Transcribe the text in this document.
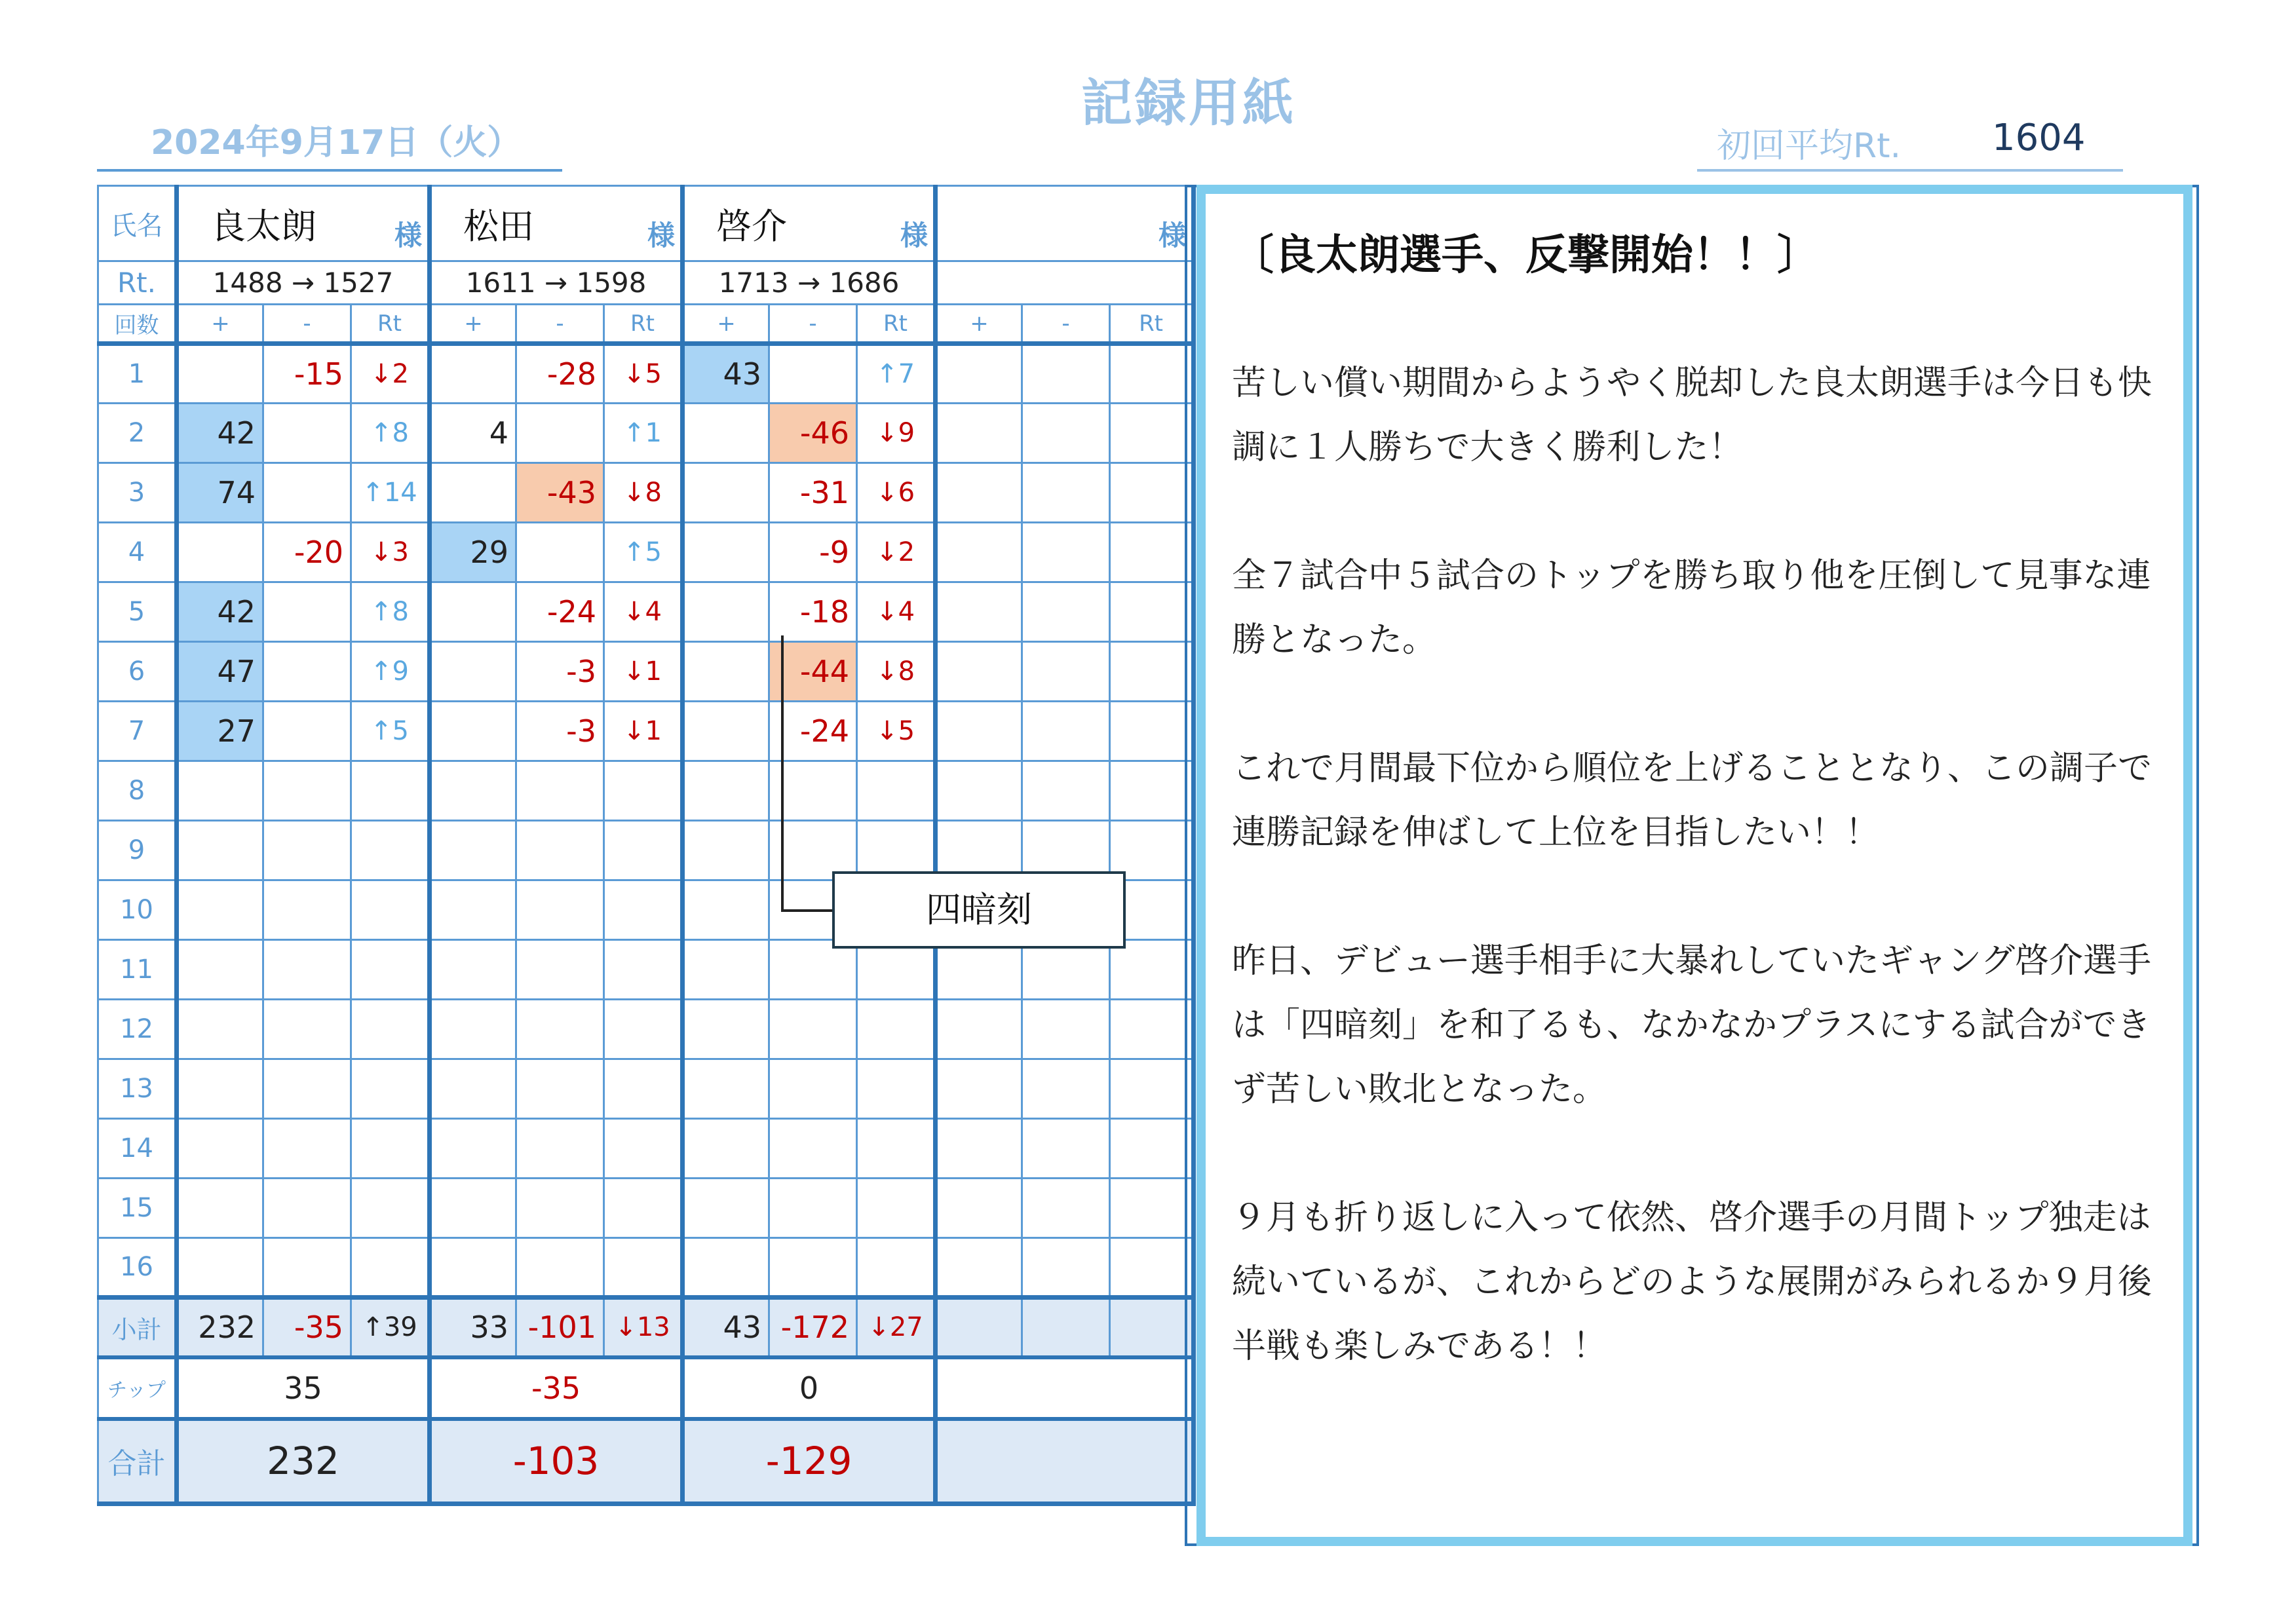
記録用紙
2024年9月17日（火）	初回平均Rt. 1604
氏名	良太朗 様			松田 様			啓介 様			様		

Rt.	1488 → 1527			1611 → 1598			1713 → 1686					
回数	+	-	Rt	+	-	Rt	+	-	Rt	+	-	Rt
1		-15	↓2		-28	↓5	43		↑7			
2	42		↑8	4		↑1		-46	↓9			
3	74		↑14		-43	↓8		-31	↓6			
4		-20	↓3	29		↑5		-9	↓2			
5	42		↑8		-24	↓4		-18	↓4			
6	47		↑9		-3	↓1		-44	↓8			
7	27		↑5		-3	↓1		-24	↓5			
8												
9												
10												
11												
12												
13												
14												
15												
16												
小計	232	-35	↑39	33	-101	↓13	43	-172	↓27			
チップ	35			-35			0					
合計	232			-103			-129					
四暗刻
〔良太朗選手、反撃開始！！〕

苦しい償い期間からようやく脱却した良太朗選手は今日も快調に１人勝ちで大きく勝利した！

全７試合中５試合のトップを勝ち取り他を圧倒して見事な連勝となった。

これで月間最下位から順位を上げることとなり、この調子で連勝記録を伸ばして上位を目指したい！！

昨日、デビュー選手相手に大暴れしていたギャング啓介選手は「四暗刻」を和了るも、なかなかプラスにする試合ができず苦しい敗北となった。

９月も折り返しに入って依然、啓介選手の月間トップ独走は続いているが、これからどのような展開がみられるか９月後半戦も楽しみである！！
